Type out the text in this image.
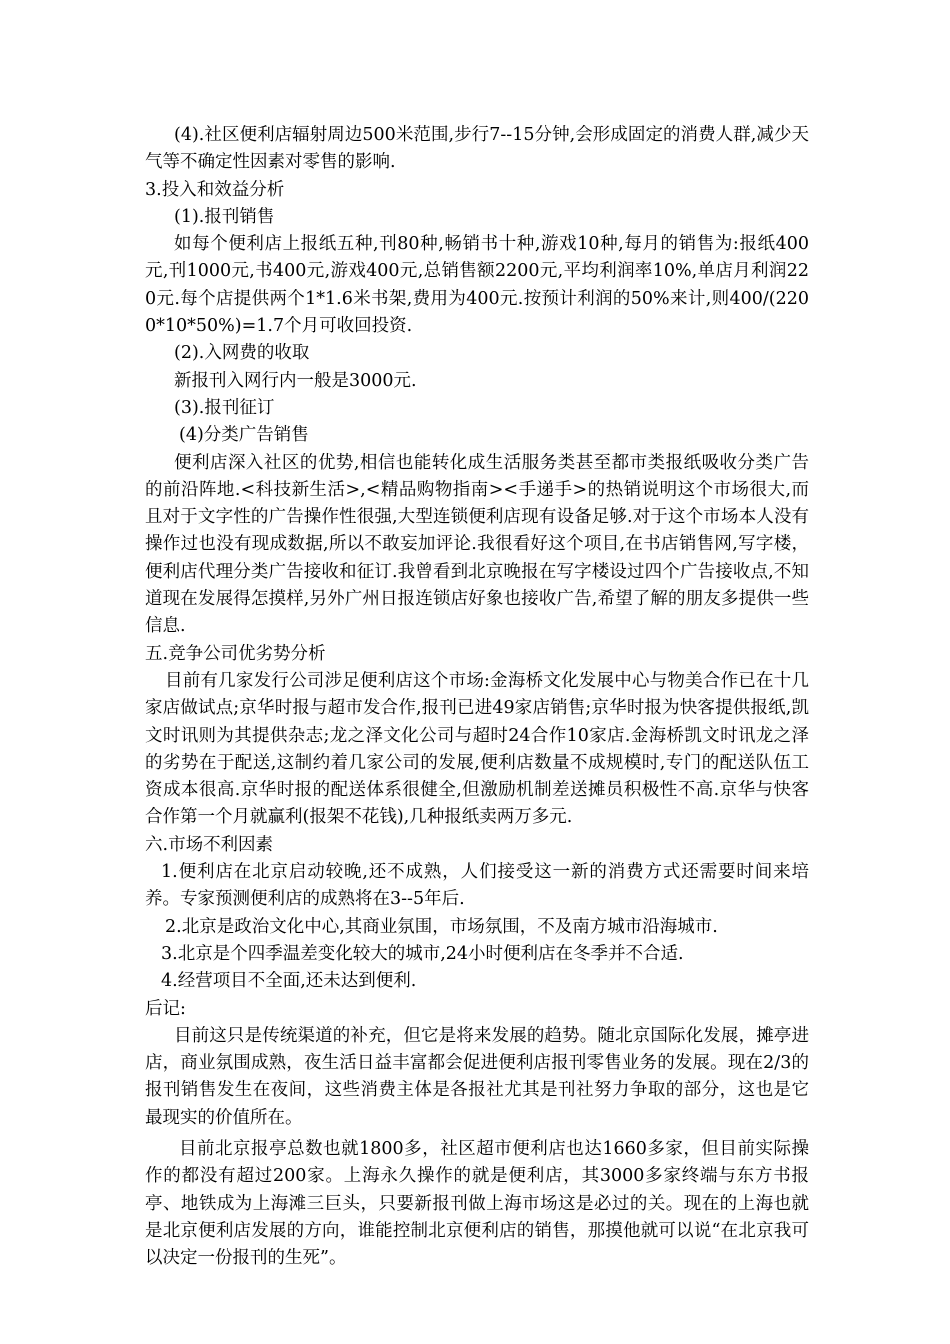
(4).社区便利店辐射周边500米范围,步行7--15分钟,会形成固定的消费人群,减少天气等不确定性因素对零售的影响.

3.投入和效益分析

(1).报刊销售

如每个便利店上报纸五种,刊80种,畅销书十种,游戏10种,每月的销售为:报纸400元,刊1000元,书400元,游戏400元,总销售额2200元,平均利润率10%,单店月利润220元.每个店提供两个1*1.6米书架,费用为400元.按预计利润的50%来计,则400/(2200*10*50%)=1.7个月可收回投资.

(2).入网费的收取

新报刊入网行内一般是3000元.

(3).报刊征订

(4)分类广告销售

便利店深入社区的优势,相信也能转化成生活服务类甚至都市类报纸吸收分类广告的前沿阵地.<科技新生活>,<精品购物指南><手递手>的热销说明这个市场很大,而且对于文字性的广告操作性很强,大型连锁便利店现有设备足够.对于这个市场本人没有操作过也没有现成数据,所以不敢妄加评论.我很看好这个项目,在书店销售网,写字楼，便利店代理分类广告接收和征订.我曾看到北京晚报在写字楼设过四个广告接收点,不知道现在发展得怎摸样,另外广州日报连锁店好象也接收广告,希望了解的朋友多提供一些信息.

五.竞争公司优劣势分析

目前有几家发行公司涉足便利店这个市场:金海桥文化发展中心与物美合作已在十几家店做试点;京华时报与超市发合作,报刊已进49家店销售;京华时报为快客提供报纸,凯文时讯则为其提供杂志;龙之泽文化公司与超时24合作10家店.金海桥凯文时讯龙之泽的劣势在于配送,这制约着几家公司的发展,便利店数量不成规模时,专门的配送队伍工资成本很高.京华时报的配送体系很健全,但激励机制差送摊员积极性不高.京华与快客合作第一个月就赢利(报架不花钱),几种报纸卖两万多元.

六.市场不利因素

1.便利店在北京启动较晚,还不成熟，人们接受这一新的消费方式还需要时间来培养。专家预测便利店的成熟将在3--5年后.

2.北京是政治文化中心,其商业氛围，市场氛围，不及南方城市沿海城市.

3.北京是个四季温差变化较大的城市,24小时便利店在冬季并不合适.

4.经营项目不全面,还未达到便利.

后记:

目前这只是传统渠道的补充，但它是将来发展的趋势。随北京国际化发展，摊亭进店，商业氛围成熟，夜生活日益丰富都会促进便利店报刊零售业务的发展。现在2/3的报刊销售发生在夜间，这些消费主体是各报社尤其是刊社努力争取的部分，这也是它最现实的价值所在。

目前北京报亭总数也就1800多，社区超市便利店也达1660多家，但目前实际操作的都没有超过200家。上海永久操作的就是便利店，其3000多家终端与东方书报亭、地铁成为上海滩三巨头，只要新报刊做上海市场这是必过的关。现在的上海也就是北京便利店发展的方向，谁能控制北京便利店的销售，那摸他就可以说“在北京我可以决定一份报刊的生死”。
